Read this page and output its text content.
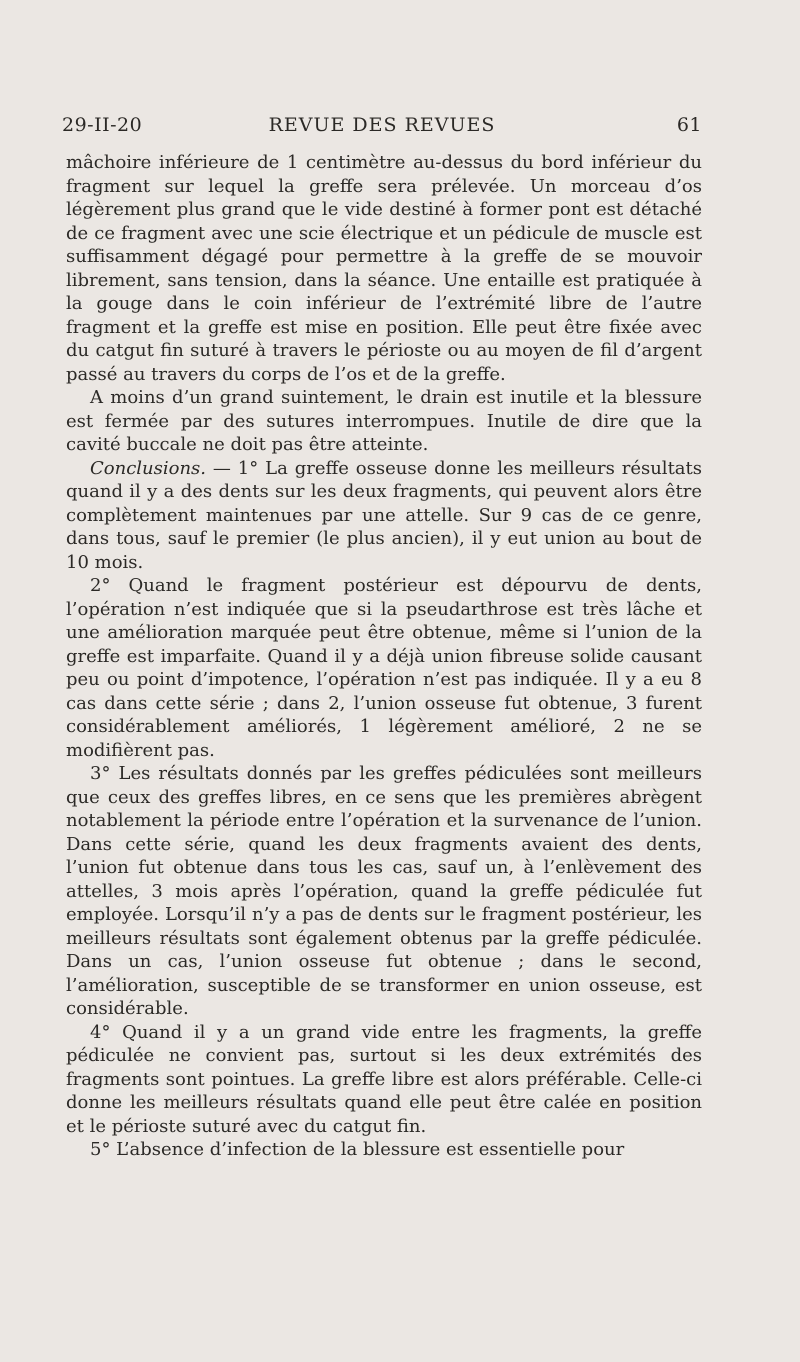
29-II-20	REVUE DES REVUES	61

mâchoire inférieure de 1 centimètre au-dessus du bord inférieur du fragment sur lequel la greffe sera prélevée. Un morceau d’os légèrement plus grand que le vide destiné à former pont est détaché de ce fragment avec une scie électrique et un pédicule de muscle est suffisamment dégagé pour permettre à la greffe de se mouvoir librement, sans tension, dans la séance. Une entaille est pratiquée à la gouge dans le coin inférieur de l’extrémité libre de l’autre fragment et la greffe est mise en position. Elle peut être fixée avec du catgut fin suturé à travers le périoste ou au moyen de fil d’argent passé au travers du corps de l’os et de la greffe.

A moins d’un grand suintement, le drain est inutile et la blessure est fermée par des sutures interrompues. Inutile de dire que la cavité buccale ne doit pas être atteinte.

Conclusions. — 1° La greffe osseuse donne les meilleurs résultats quand il y a des dents sur les deux fragments, qui peuvent alors être complètement maintenues par une attelle. Sur 9 cas de ce genre, dans tous, sauf le premier (le plus ancien), il y eut union au bout de 10 mois.

2° Quand le fragment postérieur est dépourvu de dents, l’opération n’est indiquée que si la pseudarthrose est très lâche et une amélioration marquée peut être obtenue, même si l’union de la greffe est imparfaite. Quand il y a déjà union fibreuse solide causant peu ou point d’impotence, l’opération n’est pas indiquée. Il y a eu 8 cas dans cette série ; dans 2, l’union osseuse fut obtenue, 3 furent considérablement améliorés, 1 légèrement amélioré, 2 ne se modifièrent pas.

3° Les résultats donnés par les greffes pédiculées sont meilleurs que ceux des greffes libres, en ce sens que les premières abrègent notablement la période entre l’opération et la survenance de l’union. Dans cette série, quand les deux fragments avaient des dents, l’union fut obtenue dans tous les cas, sauf un, à l’enlèvement des attelles, 3 mois après l’opération, quand la greffe pédiculée fut employée. Lorsqu’il n’y a pas de dents sur le fragment postérieur, les meilleurs résultats sont également obtenus par la greffe pédiculée. Dans un cas, l’union osseuse fut obtenue ; dans le second, l’amélioration, susceptible de se transformer en union osseuse, est considérable.

4° Quand il y a un grand vide entre les fragments, la greffe pédiculée ne convient pas, surtout si les deux extrémités des fragments sont pointues. La greffe libre est alors préférable. Celle-ci donne les meilleurs résultats quand elle peut être calée en position et le périoste suturé avec du catgut fin.

5° L’absence d’infection de la blessure est essentielle pour
